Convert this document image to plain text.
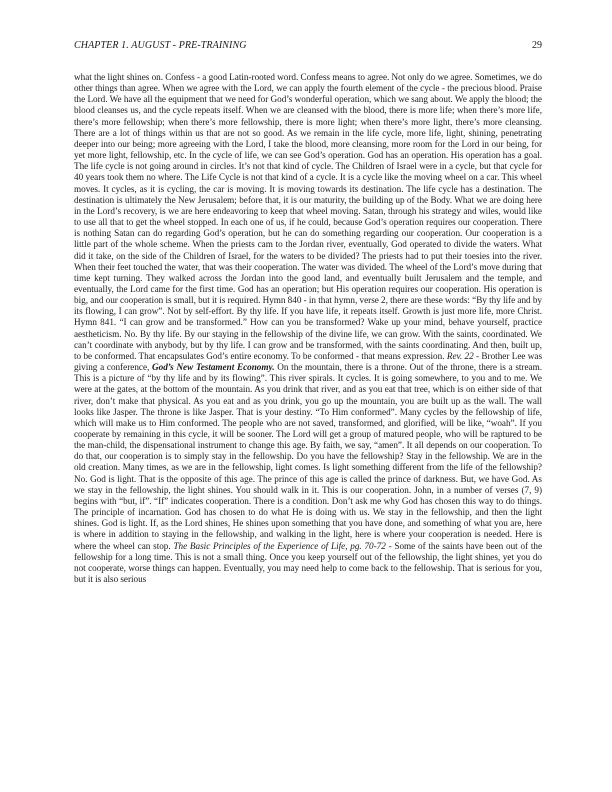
CHAPTER 1. AUGUST - PRE-TRAINING	29

what the light shines on. Confess - a good Latin-rooted word. Confess means to agree. Not only do we agree. Sometimes, we do other things than agree. When we agree with the Lord, we can apply the fourth element of the cycle - the precious blood. Praise the Lord. We have all the equipment that we need for God’s wonderful operation, which we sang about. We apply the blood; the blood cleanses us, and the cycle repeats itself. When we are cleansed with the blood, there is more life; when there’s more life, there’s more fellowship; when there’s more fellowship, there is more light; when there’s more light, there’s more cleansing. There are a lot of things within us that are not so good. As we remain in the life cycle, more life, light, shining, penetrating deeper into our being; more agreeing with the Lord, I take the blood, more cleansing, more room for the Lord in our being, for yet more light, fellowship, etc. In the cycle of life, we can see God’s operation. God has an operation. His operation has a goal. The life cycle is not going around in circles. It’s not that kind of cycle. The Children of Israel were in a cycle, but that cycle for 40 years took them no where. The Life Cycle is not that kind of a cycle. It is a cycle like the moving wheel on a car. This wheel moves. It cycles, as it is cycling, the car is moving. It is moving towards its destination. The life cycle has a destination. The destination is ultimately the New Jerusalem; before that, it is our maturity, the building up of the Body. What we are doing here in the Lord’s recovery, is we are here endeavoring to keep that wheel moving. Satan, through his strategy and wiles, would like to use all that to get the wheel stopped. In each one of us, if he could, because God’s operation requires our cooperation. There is nothing Satan can do regarding God’s operation, but he can do something regarding our cooperation. Our cooperation is a little part of the whole scheme. When the priests cam to the Jordan river, eventually, God operated to divide the waters. What did it take, on the side of the Children of Israel, for the waters to be divided? The priests had to put their toesies into the river. When their feet touched the water, that was their cooperation. The water was divided. The wheel of the Lord’s move during that time kept turning. They walked across the Jordan into the good land, and eventually built Jerusalem and the temple, and eventually, the Lord came for the first time. God has an operation; but His operation requires our cooperation. His operation is big, and our cooperation is small, but it is required. Hymn 840 - in that hymn, verse 2, there are these words: “By thy life and by its flowing, I can grow”. Not by self-effort. By thy life. If you have life, it repeats itself. Growth is just more life, more Christ. Hymn 841. “I can grow and be transformed.” How can you be transformed? Wake up your mind, behave yourself, practice aestheticism. No. By thy life. By our staying in the fellowship of the divine life, we can grow. With the saints, coordinated. We can’t coordinate with anybody, but by thy life. I can grow and be transformed, with the saints coordinating. And then, built up, to be conformed. That encapsulates God’s entire economy. To be conformed - that means expression. Rev. 22 - Brother Lee was giving a conference, God’s New Testament Economy. On the mountain, there is a throne. Out of the throne, there is a stream. This is a picture of “by thy life and by its flowing”. This river spirals. It cycles. It is going somewhere, to you and to me. We were at the gates, at the bottom of the mountain. As you drink that river, and as you eat that tree, which is on either side of that river, don’t make that physical. As you eat and as you drink, you go up the mountain, you are built up as the wall. The wall looks like Jasper. The throne is like Jasper. That is your destiny. “To Him conformed”. Many cycles by the fellowship of life, which will make us to Him conformed. The people who are not saved, transformed, and glorified, will be like, “woah”. If you cooperate by remaining in this cycle, it will be sooner. The Lord will get a group of matured people, who will be raptured to be the man-child, the dispensational instrument to change this age. By faith, we say, “amen”. It all depends on our cooperation. To do that, our cooperation is to simply stay in the fellowship. Do you have the fellowship? Stay in the fellowship. We are in the old creation. Many times, as we are in the fellowship, light comes. Is light something different from the life of the fellowship? No. God is light. That is the opposite of this age. The prince of this age is called the prince of darkness. But, we have God. As we stay in the fellowship, the light shines. You should walk in it. This is our cooperation. John, in a number of verses (7, 9) begins with “but, if”. “If” indicates cooperation. There is a condition. Don’t ask me why God has chosen this way to do things. The principle of incarnation. God has chosen to do what He is doing with us. We stay in the fellowship, and then the light shines. God is light. If, as the Lord shines, He shines upon something that you have done, and something of what you are, here is where in addition to staying in the fellowship, and walking in the light, here is where your cooperation is needed. Here is where the wheel can stop. The Basic Principles of the Experience of Life, pg. 70-72 - Some of the saints have been out of the fellowship for a long time. This is not a small thing. Once you keep yourself out of the fellowship, the light shines, yet you do not cooperate, worse things can happen. Eventually, you may need help to come back to the fellowship. That is serious for you, but it is also serious
